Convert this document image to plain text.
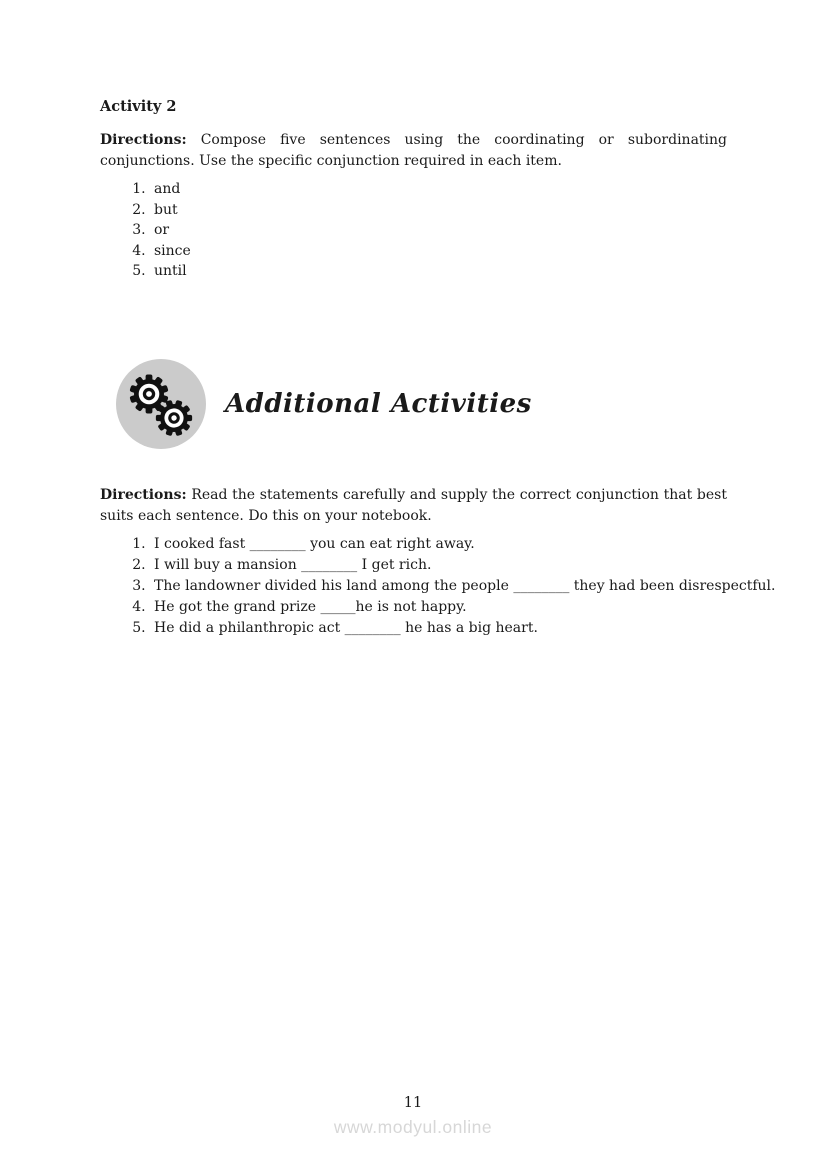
Activity 2

Directions: Compose five sentences using the coordinating or subordinating conjunctions. Use the specific conjunction required in each item.

1. and
2. but
3. or
4. since
5. until
Additional Activities

Directions: Read the statements carefully and supply the correct conjunction that best suits each sentence. Do this on your notebook.

1. I cooked fast ________ you can eat right away.
2. I will buy a mansion ________ I get rich.
3. The landowner divided his land among the people ________ they had been disrespectful.
4. He got the grand prize _____he is not happy.
5. He did a philanthropic act ________ he has a big heart.
11
www.modyul.online
